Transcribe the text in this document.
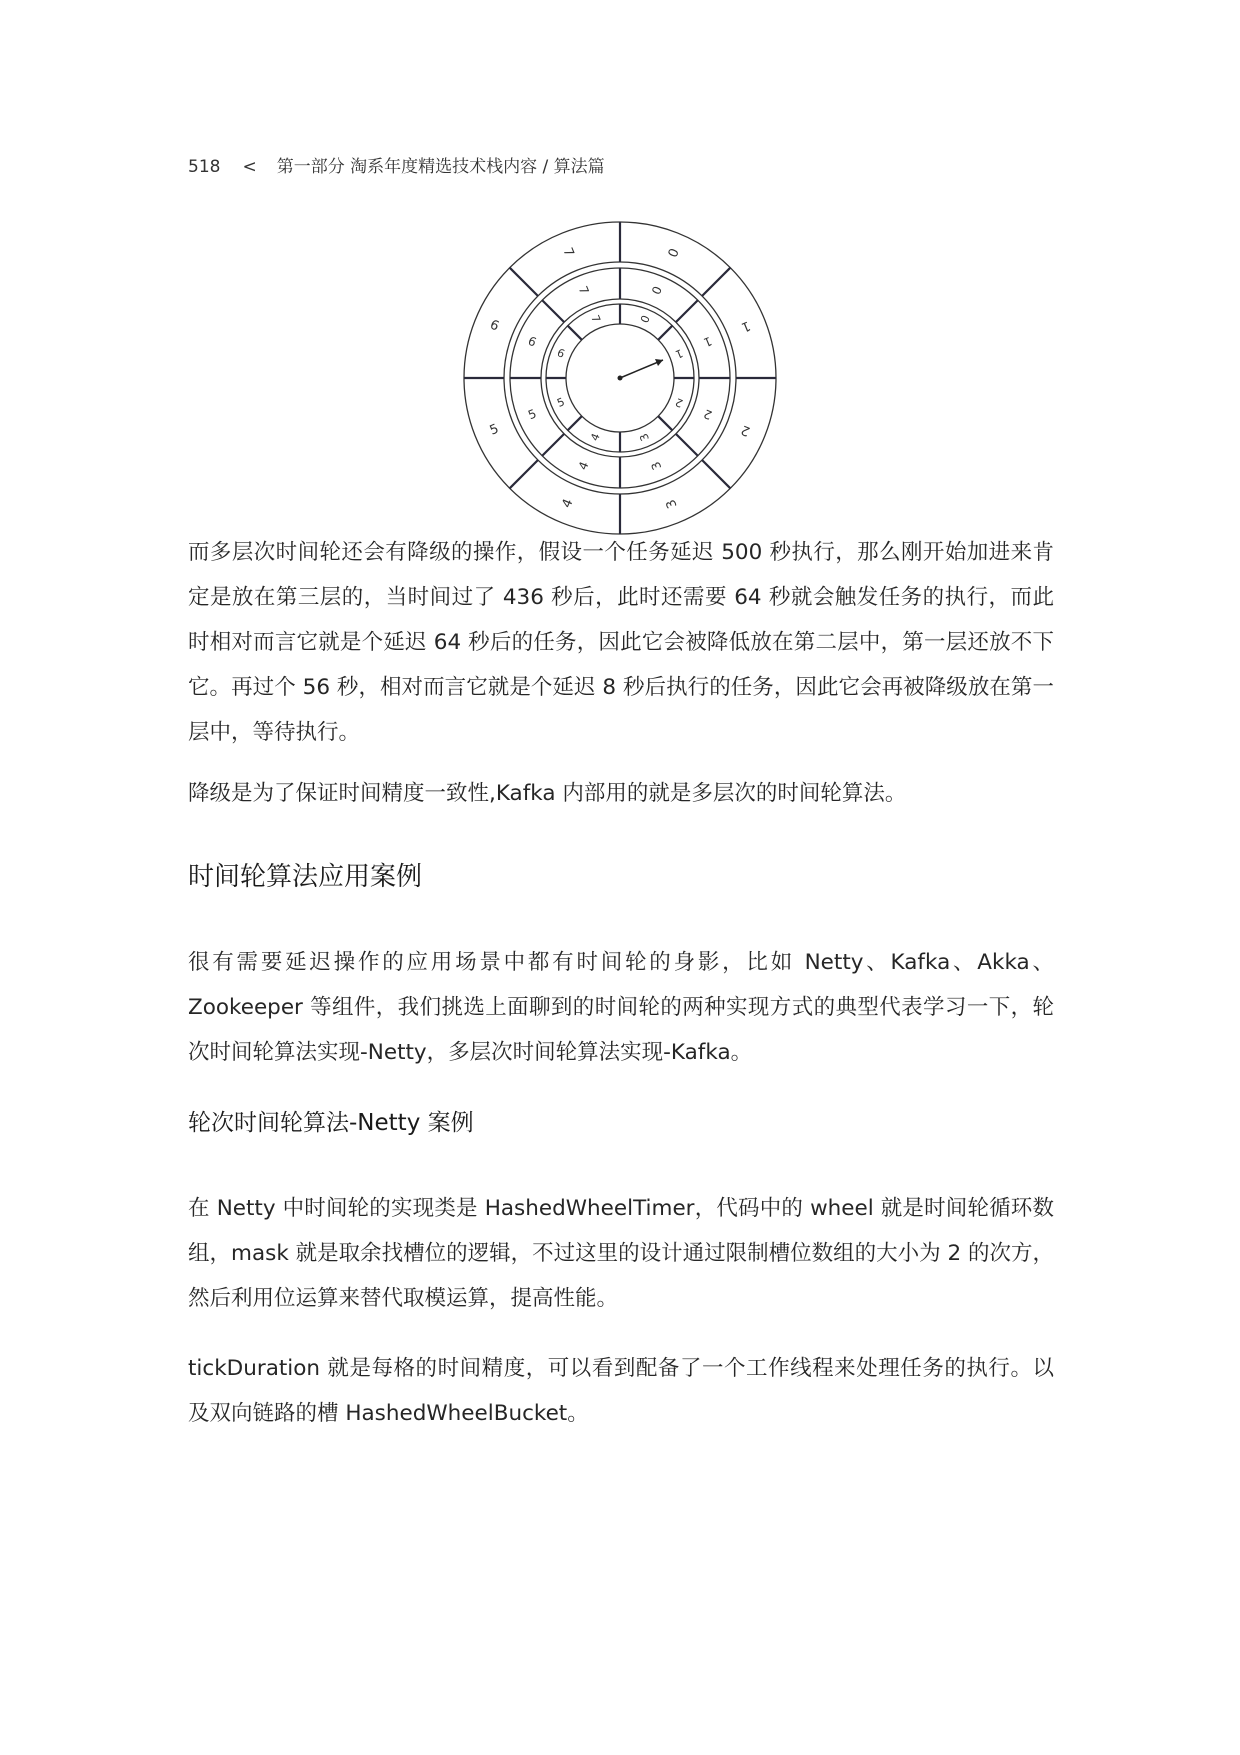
518 < 第一部分 淘系年度精选技术栈内容 / 算法篇
0
1
2
3
4
5
6
7
0
1
2
3
4
5
6
7
0
1
2
3
4
5
6
7

而多层次时间轮还会有降级的操作，假设一个任务延迟 500 秒执行，那么刚开始加进来肯定是放在第三层的，当时间过了 436 秒后，此时还需要 64 秒就会触发任务的执行，而此时相对而言它就是个延迟 64 秒后的任务，因此它会被降低放在第二层中，第一层还放不下它。再过个 56 秒，相对而言它就是个延迟 8 秒后执行的任务，因此它会再被降级放在第一层中，等待执行。

降级是为了保证时间精度一致性,Kafka 内部用的就是多层次的时间轮算法。

时间轮算法应用案例

很有需要延迟操作的应用场景中都有时间轮的身影，比如 Netty、Kafka、Akka、Zookeeper 等组件，我们挑选上面聊到的时间轮的两种实现方式的典型代表学习一下，轮次时间轮算法实现-Netty，多层次时间轮算法实现-Kafka。

轮次时间轮算法-Netty 案例

在 Netty 中时间轮的实现类是 HashedWheelTimer，代码中的 wheel 就是时间轮循环数组，mask 就是取余找槽位的逻辑，不过这里的设计通过限制槽位数组的大小为 2 的次方，然后利用位运算来替代取模运算，提高性能。

tickDuration 就是每格的时间精度，可以看到配备了一个工作线程来处理任务的执行。以及双向链路的槽 HashedWheelBucket。
